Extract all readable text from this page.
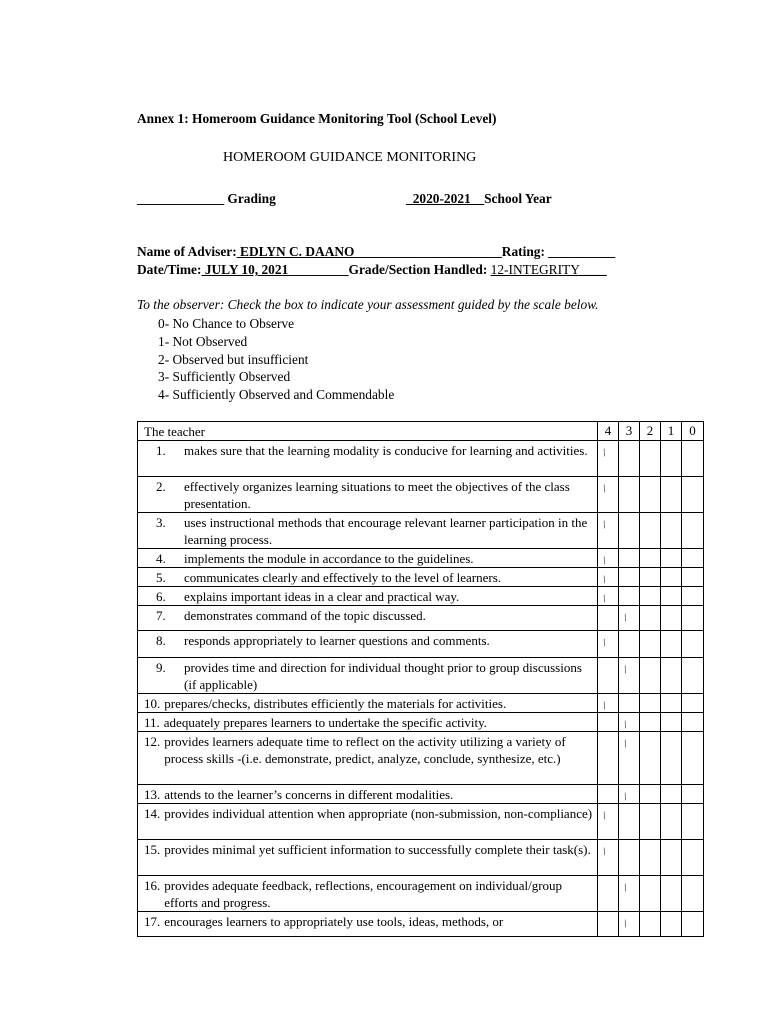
Annex 1: Homeroom Guidance Monitoring Tool (School Level)
HOMEROOM GUIDANCE MONITORING
_____________ Grading	_2020-2021__School Year
Name of Adviser: EDLYN C. DAANO______________________Rating: __________
Date/Time: JULY 10, 2021_________Grade/Section Handled: 12-INTEGRITY____
To the observer: Check the box to indicate your assessment guided by the scale below.
0- No Chance to Observe
1- Not Observed
2- Observed but insufficient
3- Sufficiently Observed
4- Sufficiently Observed and Commendable
The teacher	4	3	2	1	0

1. makes sure that the learning modality is conducive for learning and activities.	/				

2. effectively organizes learning situations to meet the objectives of the class presentation.	/				

3. uses instructional methods that encourage relevant learner participation in the learning process.	/				

4. implements the module in accordance to the guidelines.	/				

5. communicates clearly and effectively to the level of learners.	/				

6. explains important ideas in a clear and practical way.	/				

7. demonstrates command of the topic discussed.		/			

8. responds appropriately to learner questions and comments.	/				

9. provides time and direction for individual thought prior to group discussions (if applicable)		/			

10. prepares/checks, distributes efficiently the materials for activities.	/				

11. adequately prepares learners to undertake the specific activity.		/			

12. provides learners adequate time to reflect on the activity utilizing a variety of process skills -(i.e. demonstrate, predict, analyze, conclude, synthesize, etc.)		/			

13. attends to the learner’s concerns in different modalities.		/			

14. provides individual attention when appropriate (non-submission, non-compliance)	/				

15. provides minimal yet sufficient information to successfully complete their task(s).	/				

16. provides adequate feedback, reflections, encouragement on individual/group efforts and progress.		/			

17. encourages learners to appropriately use tools, ideas, methods, or		/			
